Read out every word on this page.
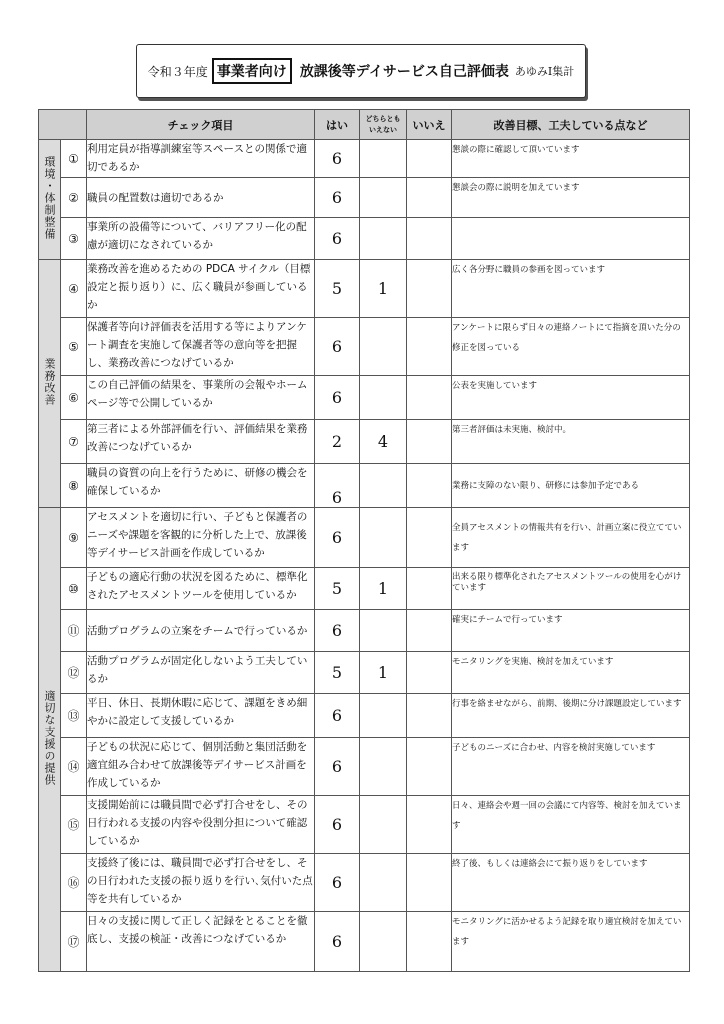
令和３年度 事業者向け 放課後等デイサービス自己評価表 あゆみⅠ集計
		チェック項目	はい	どちらとも
いえない	いいえ	改善目標、工夫している点など
環境・体制整備	①	利用定員が指導訓練室等スペースとの関係で適切であるか	6			懇談の際に確認して頂いています
	②	職員の配置数は適切であるか	6			懇談会の際に説明を加えています
	③	事業所の設備等について、バリアフリー化の配慮が適切になされているか	6			
業務改善	④	業務改善を進めるための PDCA サイクル（目標設定と振り返り）に、広く職員が参画しているか	5	1		広く各分野に職員の参画を図っています
	⑤	保護者等向け評価表を活用する等によりアンケート調査を実施して保護者等の意向等を把握し、業務改善につなげているか	6			アンケートに限らず日々の連絡ノートにて指摘を頂いた分の修正を図っている
	⑥	この自己評価の結果を、事業所の会報やホームページ等で公開しているか	6			公表を実施しています
	⑦	第三者による外部評価を行い、評価結果を業務改善につなげているか	2	4		第三者評価は未実施、検討中。
	⑧	職員の資質の向上を行うために、研修の機会を確保しているか	6			業務に支障のない限り、研修には参加予定である
適切な支援の提供	⑨	アセスメントを適切に行い、子どもと保護者のニーズや課題を客観的に分析した上で、放課後等デイサービス計画を作成しているか	6			全員アセスメントの情報共有を行い、計画立案に役立てています
	⑩	子どもの適応行動の状況を図るために、標準化されたアセスメントツールを使用しているか	5	1		出来る限り標準化されたアセスメントツールの使用を心がけています
	⑪	活動プログラムの立案をチームで行っているか	6			確実にチームで行っています
	⑫	活動プログラムが固定化しないよう工夫しているか	5	1		モニタリングを実施、検討を加えています
	⑬	平日、休日、長期休暇に応じて、課題をきめ細やかに設定して支援しているか	6			行事を絡ませながら、前期、後期に分け課題設定しています
	⑭	子どもの状況に応じて、個別活動と集団活動を適宜組み合わせて放課後等デイサービス計画を作成しているか	6			子どものニーズに合わせ、内容を検討実施しています
	⑮	支援開始前には職員間で必ず打合せをし、その日行われる支援の内容や役割分担について確認しているか	6			日々、連絡会や週一回の会議にて内容等、検討を加えています
	⑯	支援終了後には、職員間で必ず打合せをし、その日行われた支援の振り返りを行い､気付いた点等を共有しているか	6			終了後、もしくは連絡会にて振り返りをしています
	⑰	日々の支援に関して正しく記録をとることを徹底し、支援の検証・改善につなげているか	6			モニタリングに活かせるよう記録を取り適宜検討を加えています
